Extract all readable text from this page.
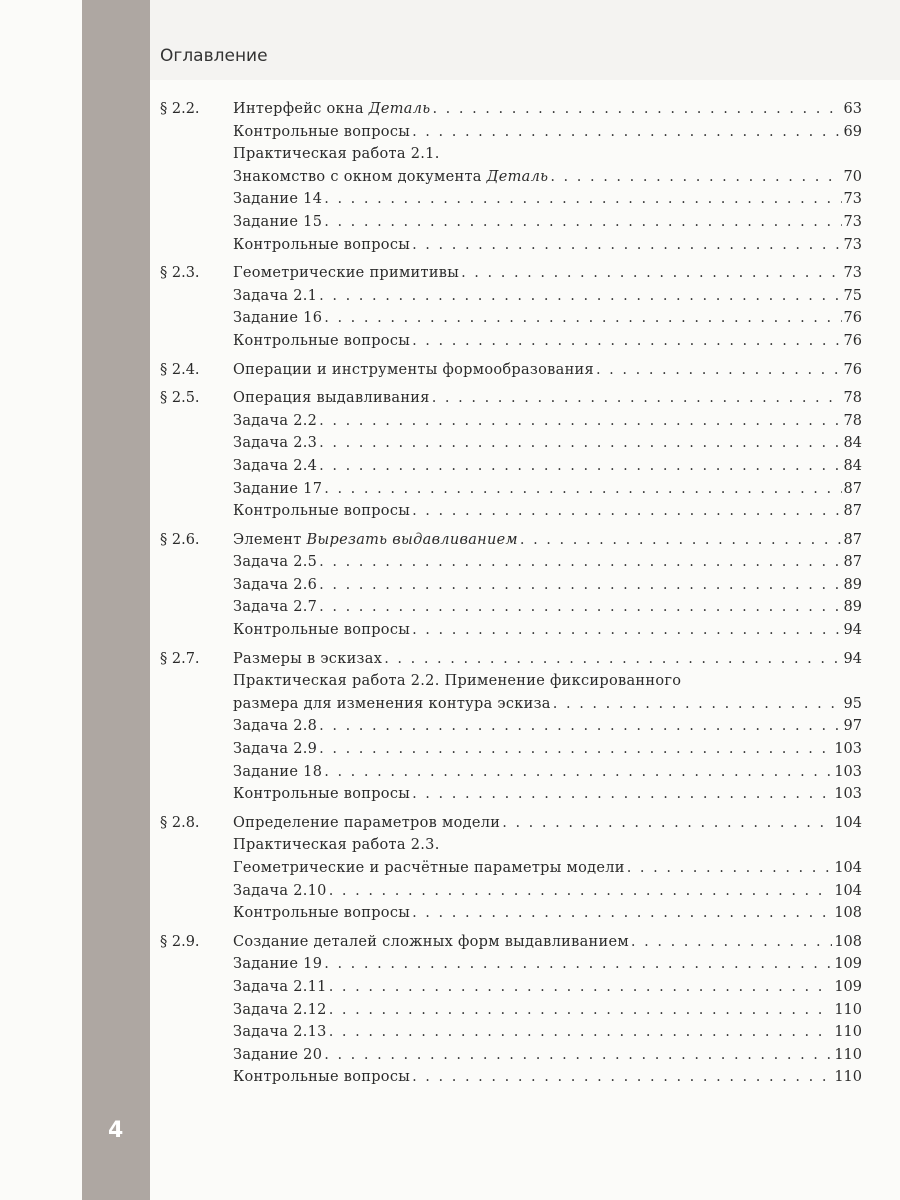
Оглавление
§ 2.2. Интерфейс окна Деталь . . .	63
Контрольные вопросы . . .	69
Практическая работа 2.1.
Знакомство с окном документа Деталь . . .	70
Задание 14 . . .	73
Задание 15 . . .	73
Контрольные вопросы . . .	73
§ 2.3. Геометрические примитивы . . .	73
Задача 2.1 . . .	75
Задание 16 . . .	76
Контрольные вопросы . . .	76
§ 2.4. Операции и инструменты формообразования . . .	76
§ 2.5. Операция выдавливания . . .	78
Задача 2.2 . . .	78
Задача 2.3 . . .	84
Задача 2.4 . . .	84
Задание 17 . . .	87
Контрольные вопросы . . .	87
§ 2.6. Элемент Вырезать выдавливанием . . .	87
Задача 2.5 . . .	87
Задача 2.6 . . .	89
Задача 2.7 . . .	89
Контрольные вопросы . . .	94
§ 2.7. Размеры в эскизах . . .	94
Практическая работа 2.2. Применение фиксированного
размера для изменения контура эскиза . . .	95
Задача 2.8 . . .	97
Задача 2.9 . . .	103
Задание 18 . . .	103
Контрольные вопросы . . .	103
§ 2.8. Определение параметров модели . . .	104
Практическая работа 2.3.
Геометрические и расчётные параметры модели . . .	104
Задача 2.10 . . .	104
Контрольные вопросы . . .	108
§ 2.9. Создание деталей сложных форм выдавливанием . . .	108
Задание 19 . . .	109
Задача 2.11 . . .	109
Задача 2.12 . . .	110
Задача 2.13 . . .	110
Задание 20 . . .	110
Контрольные вопросы . . .	110
4
